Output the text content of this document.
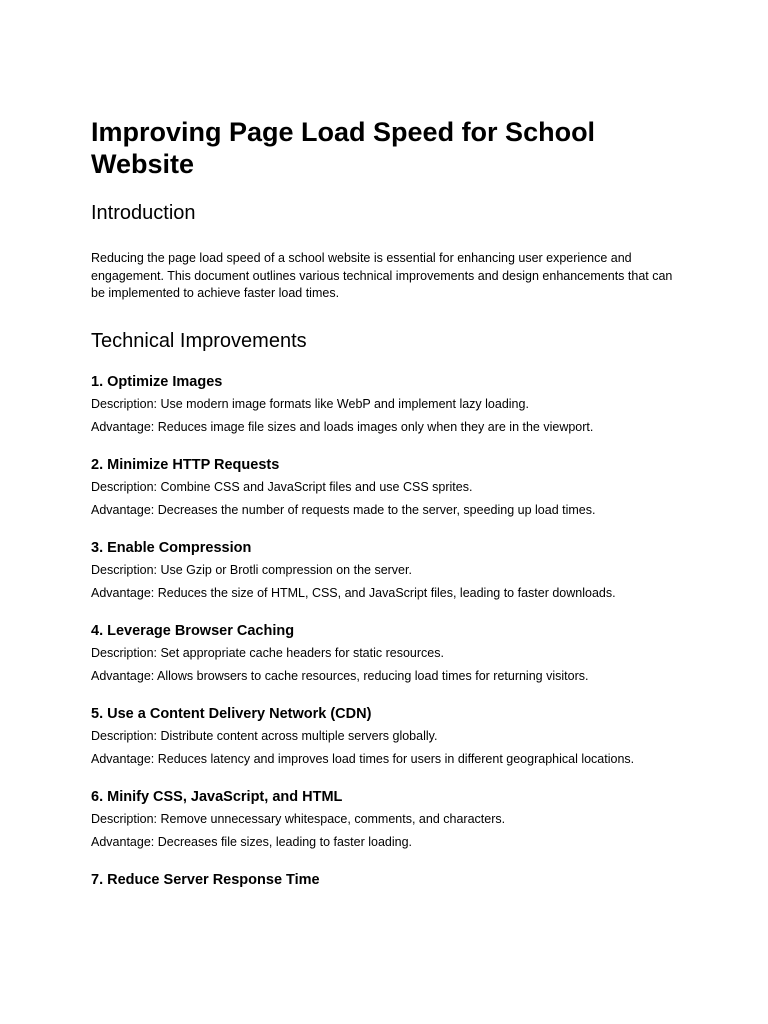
Improving Page Load Speed for School Website
Introduction

Reducing the page load speed of a school website is essential for enhancing user experience and engagement. This document outlines various technical improvements and design enhancements that can be implemented to achieve faster load times.

Technical Improvements
1. Optimize Images

Description: Use modern image formats like WebP and implement lazy loading.

Advantage: Reduces image file sizes and loads images only when they are in the viewport.

2. Minimize HTTP Requests

Description: Combine CSS and JavaScript files and use CSS sprites.

Advantage: Decreases the number of requests made to the server, speeding up load times.

3. Enable Compression

Description: Use Gzip or Brotli compression on the server.

Advantage: Reduces the size of HTML, CSS, and JavaScript files, leading to faster downloads.

4. Leverage Browser Caching

Description: Set appropriate cache headers for static resources.

Advantage: Allows browsers to cache resources, reducing load times for returning visitors.

5. Use a Content Delivery Network (CDN)

Description: Distribute content across multiple servers globally.

Advantage: Reduces latency and improves load times for users in different geographical locations.

6. Minify CSS, JavaScript, and HTML

Description: Remove unnecessary whitespace, comments, and characters.

Advantage: Decreases file sizes, leading to faster loading.

7. Reduce Server Response Time
